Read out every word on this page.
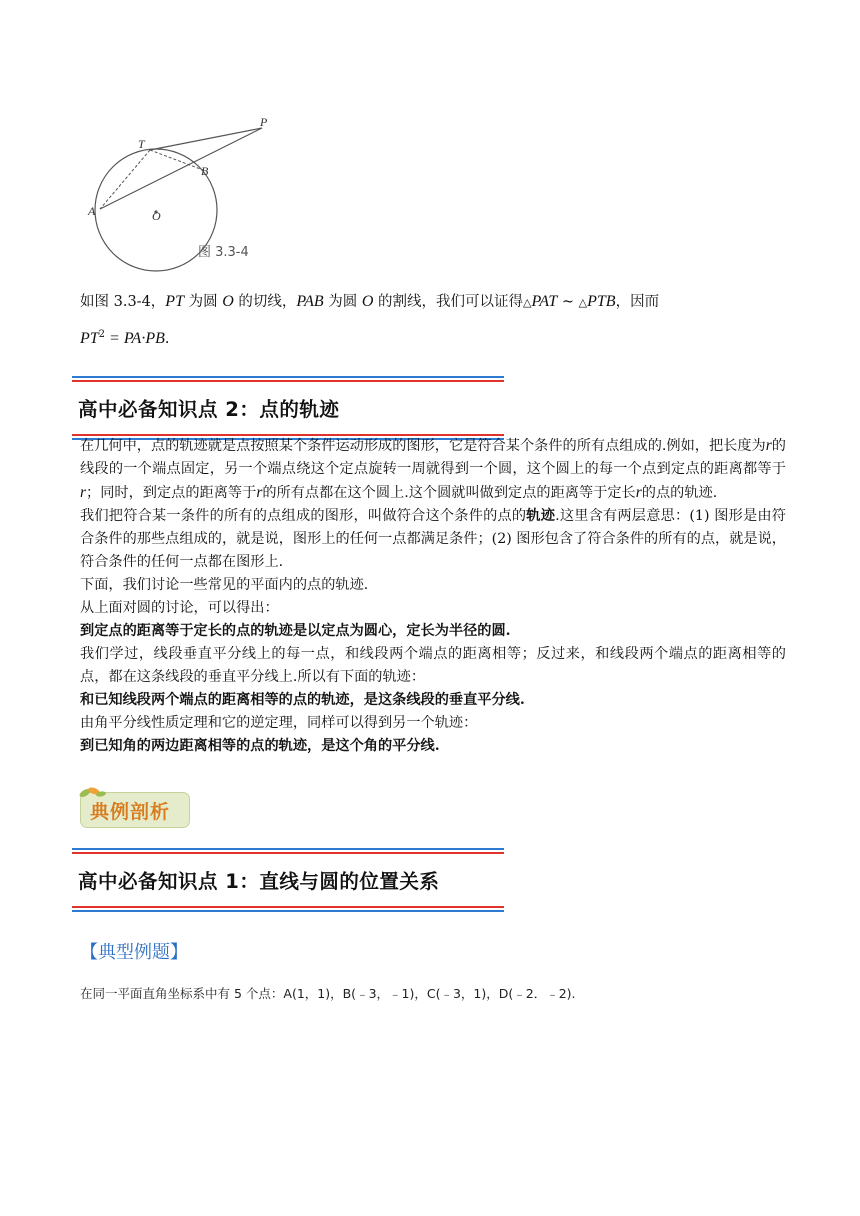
P
T
B
A	O
图 3.3-4
如图 3.3-4，PT 为圆 O 的切线，PAB 为圆 O 的割线，我们可以证得△PAT ~ △PTB，因而
$PT^2 = PA\cdot PB$.
高中必备知识点 2：点的轨迹

在几何中，点的轨迹就是点按照某个条件运动形成的图形，它是符合某个条件的所有点组成的.例如，把长度为r的线段的一个端点固定，另一个端点绕这个定点旋转一周就得到一个圆，这个圆上的每一个点到定点的距离都等于r；同时，到定点的距离等于r的所有点都在这个圆上.这个圆就叫做到定点的距离等于定长r的点的轨迹.

我们把符合某一条件的所有的点组成的图形，叫做符合这个条件的点的轨迹.这里含有两层意思：(1) 图形是由符合条件的那些点组成的，就是说，图形上的任何一点都满足条件；(2) 图形包含了符合条件的所有的点，就是说，符合条件的任何一点都在图形上.

下面，我们讨论一些常见的平面内的点的轨迹.

从上面对圆的讨论，可以得出：

到定点的距离等于定长的点的轨迹是以定点为圆心，定长为半径的圆.

我们学过，线段垂直平分线上的每一点，和线段两个端点的距离相等；反过来，和线段两个端点的距离相等的点，都在这条线段的垂直平分线上.所以有下面的轨迹：

和已知线段两个端点的距离相等的点的轨迹，是这条线段的垂直平分线.

由角平分线性质定理和它的逆定理，同样可以得到另一个轨迹：

到已知角的两边距离相等的点的轨迹，是这个角的平分线.

典例剖析
高中必备知识点 1：直线与圆的位置关系
【典型例题】
在同一平面直角坐标系中有 5 个点：A(1，1)，B(﹣3，﹣1)，C(﹣3，1)，D(﹣2．﹣2).
